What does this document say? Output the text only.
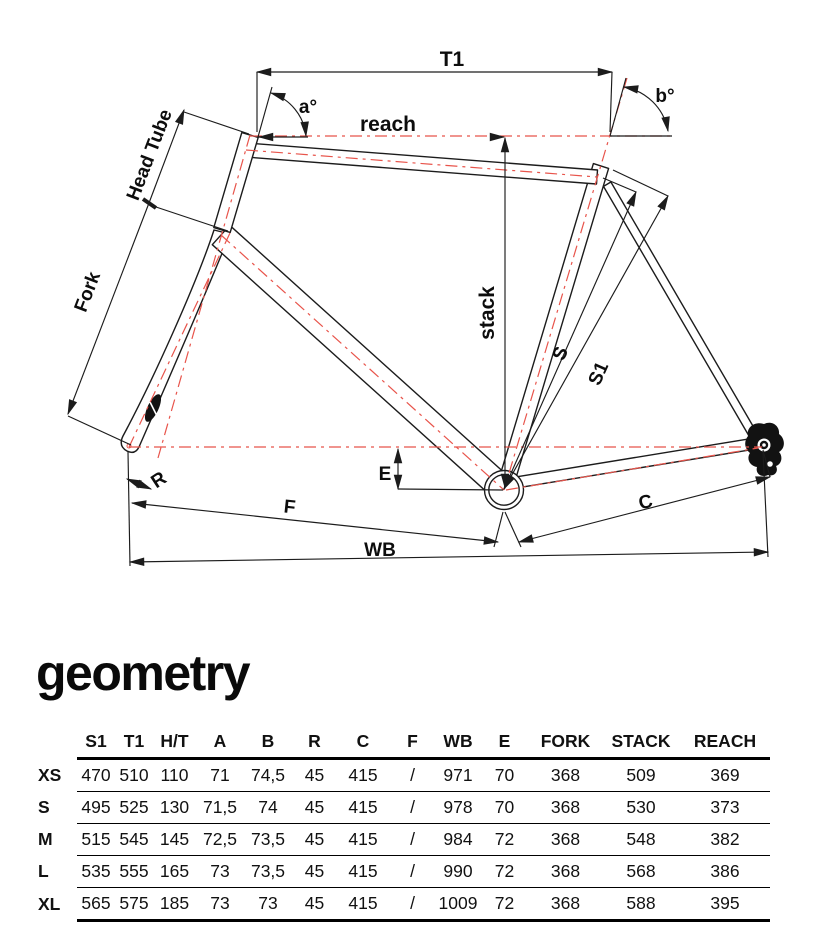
T1
a°
b°
reach
stack
Head Tube
Fork
S
S1
R	E
F	C
WB
geometry
	S1	T1	H/T	A	B	R	C	F	WB	E	FORK	STACK	REACH
XS	470	510	110	71	74,5	45	415	/	971	70	368	509	369
S	495	525	130	71,5	74	45	415	/	978	70	368	530	373
M	515	545	145	72,5	73,5	45	415	/	984	72	368	548	382
L	535	555	165	73	73,5	45	415	/	990	72	368	568	386
XL	565	575	185	73	73	45	415	/	1009	72	368	588	395
